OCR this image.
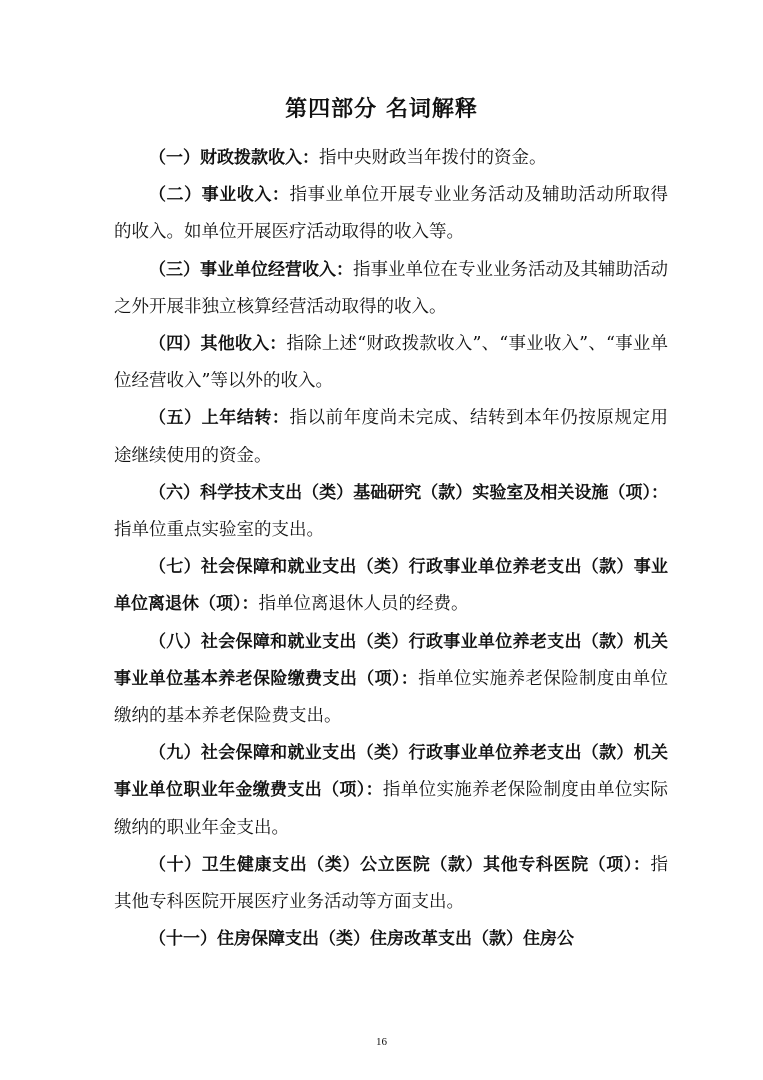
第四部分 名词解释

（一）财政拨款收入：指中央财政当年拨付的资金。

（二）事业收入：指事业单位开展专业业务活动及辅助活动所取得的收入。如单位开展医疗活动取得的收入等。

（三）事业单位经营收入：指事业单位在专业业务活动及其辅助活动之外开展非独立核算经营活动取得的收入。

（四）其他收入：指除上述“财政拨款收入”、“事业收入”、“事业单位经营收入”等以外的收入。

（五）上年结转：指以前年度尚未完成、结转到本年仍按原规定用途继续使用的资金。

（六）科学技术支出（类）基础研究（款）实验室及相关设施（项）：指单位重点实验室的支出。

（七）社会保障和就业支出（类）行政事业单位养老支出（款）事业单位离退休（项）：指单位离退休人员的经费。

（八）社会保障和就业支出（类）行政事业单位养老支出（款）机关事业单位基本养老保险缴费支出（项）：指单位实施养老保险制度由单位缴纳的基本养老保险费支出。

（九）社会保障和就业支出（类）行政事业单位养老支出（款）机关事业单位职业年金缴费支出（项）：指单位实施养老保险制度由单位实际缴纳的职业年金支出。

（十）卫生健康支出（类）公立医院（款）其他专科医院（项）：指其他专科医院开展医疗业务活动等方面支出。

（十一）住房保障支出（类）住房改革支出（款）住房公

16
